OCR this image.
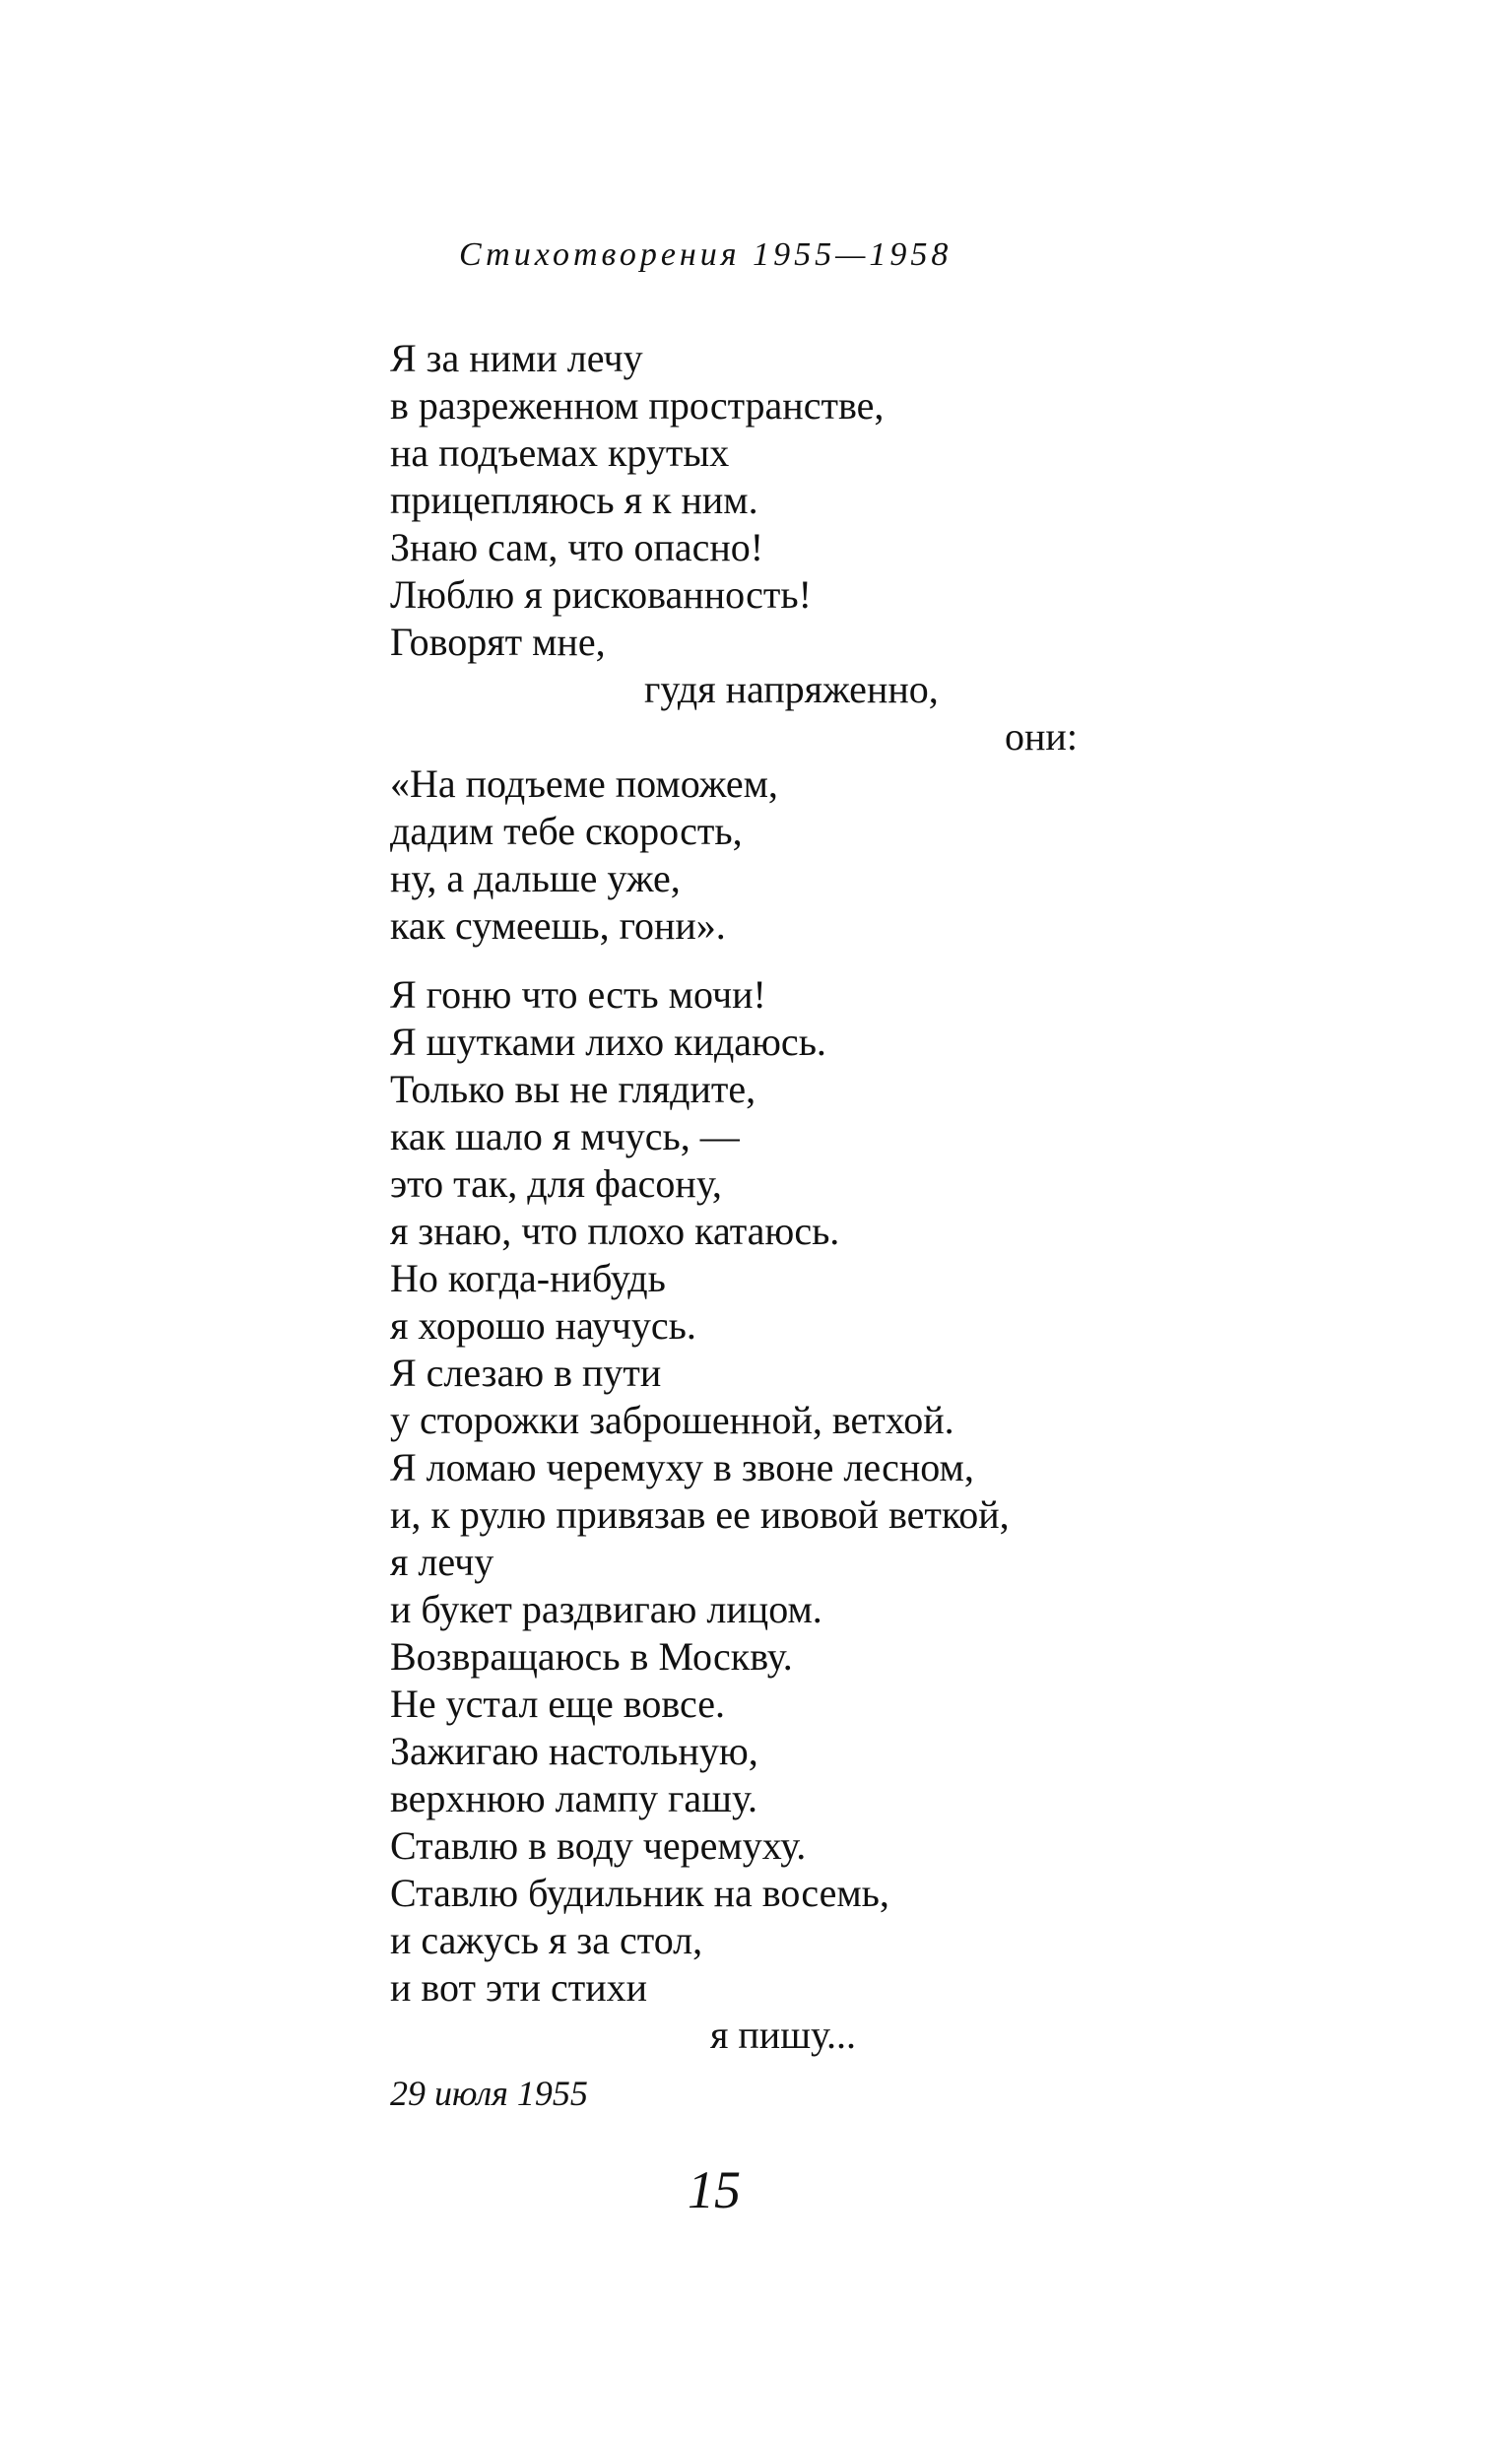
Стихотворения 1955—1958
Я за ними лечу
в разреженном пространстве,
на подъемах крутых
прицепляюсь я к ним.
Знаю сам, что опасно!
Люблю я рискованность!
Говорят мне,
гудя напряженно,
они:
«На подъеме поможем,
дадим тебе скорость,
ну, а дальше уже,
как сумеешь, гони».
Я гоню что есть мочи!
Я шутками лихо кидаюсь.
Только вы не глядите,
как шало я мчусь, —
это так, для фасону,
я знаю, что плохо катаюсь.
Но когда-нибудь
я хорошо научусь.
Я слезаю в пути
у сторожки заброшенной, ветхой.
Я ломаю черемуху в звоне лесном,
и, к рулю привязав ее ивовой веткой,
я лечу
и букет раздвигаю лицом.
Возвращаюсь в Москву.
Не устал еще вовсе.
Зажигаю настольную,
верхнюю лампу гашу.
Ставлю в воду черемуху.
Ставлю будильник на восемь,
и сажусь я за стол,
и вот эти стихи
я пишу...
29 июля 1955
15
